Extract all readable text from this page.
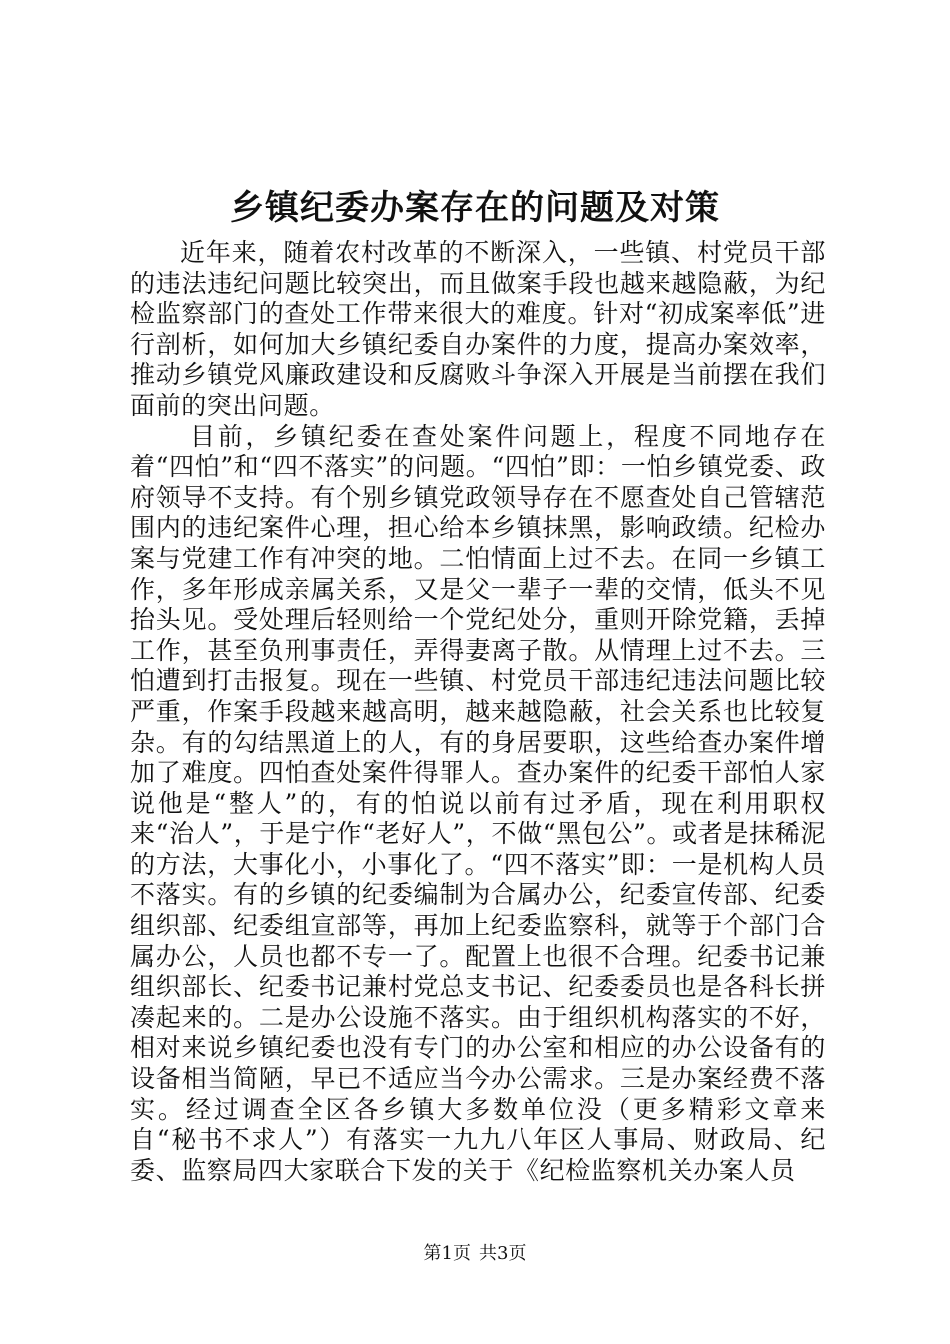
乡镇纪委办案存在的问题及对策

近年来，随着农村改革的不断深入，一些镇、村党员干部的违法违纪问题比较突出，而且做案手段也越来越隐蔽，为纪检监察部门的查处工作带来很大的难度。针对“初成案率低”进行剖析，如何加大乡镇纪委自办案件的力度，提高办案效率，推动乡镇党风廉政建设和反腐败斗争深入开展是当前摆在我们面前的突出问题。

目前，乡镇纪委在查处案件问题上，程度不同地存在着“四怕”和“四不落实”的问题。“四怕”即：一怕乡镇党委、政府领导不支持。有个别乡镇党政领导存在不愿查处自己管辖范围内的违纪案件心理，担心给本乡镇抹黑，影响政绩。纪检办案与党建工作有冲突的地。二怕情面上过不去。在同一乡镇工作，多年形成亲属关系，又是父一辈子一辈的交情，低头不见抬头见。受处理后轻则给一个党纪处分，重则开除党籍，丢掉工作，甚至负刑事责任，弄得妻离子散。从情理上过不去。三怕遭到打击报复。现在一些镇、村党员干部违纪违法问题比较严重，作案手段越来越高明，越来越隐蔽，社会关系也比较复杂。有的勾结黑道上的人，有的身居要职，这些给查办案件增加了难度。四怕查处案件得罪人。查办案件的纪委干部怕人家说他是“整人”的，有的怕说以前有过矛盾，现在利用职权来“治人”，于是宁作“老好人”，不做“黑包公”。或者是抹稀泥的方法，大事化小，小事化了。“四不落实”即：一是机构人员不落实。有的乡镇的纪委编制为合属办公，纪委宣传部、纪委组织部、纪委组宣部等，再加上纪委监察科，就等于个部门合属办公，人员也都不专一了。配置上也很不合理。纪委书记兼组织部长、纪委书记兼村党总支书记、纪委委员也是各科长拼凑起来的。二是办公设施不落实。由于组织机构落实的不好，相对来说乡镇纪委也没有专门的办公室和相应的办公设备有的设备相当简陋，早已不适应当今办公需求。三是办案经费不落实。经过调查全区各乡镇大多数单位没（更多精彩文章来自“秘书不求人”）有落实一九九八年区人事局、财政局、纪委、监察局四大家联合下发的关于《纪检监察机关办案人员

第1页 共3页
